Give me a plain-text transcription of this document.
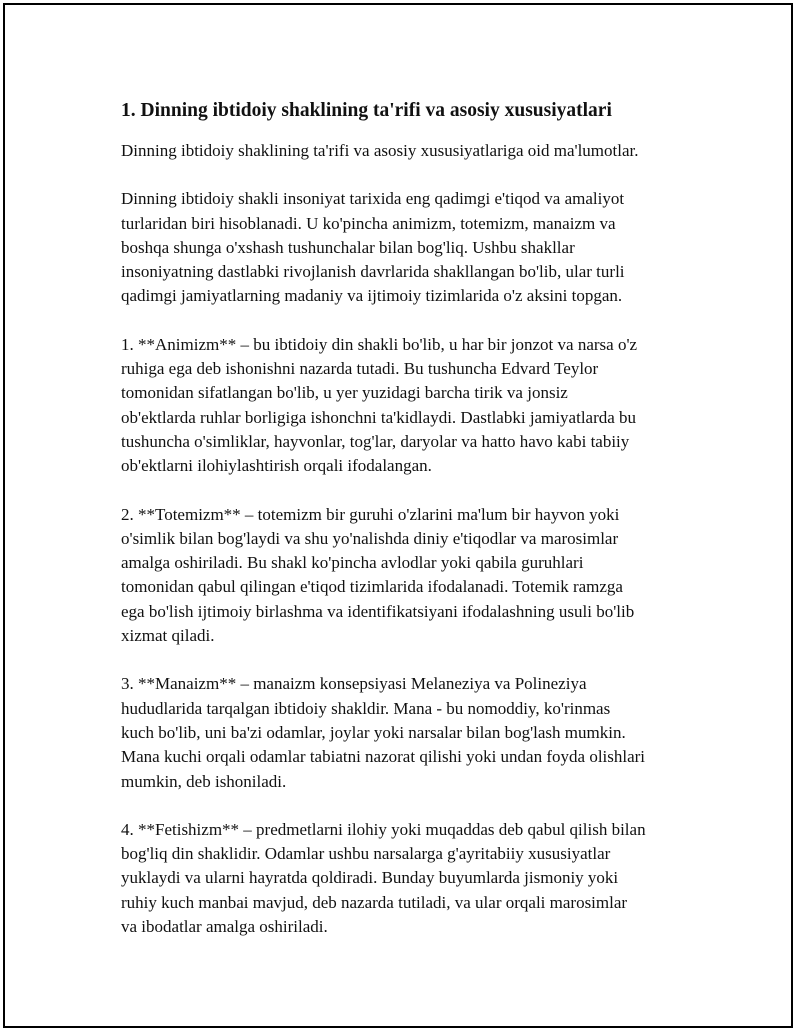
1. Dinning ibtidoiy shaklining ta'rifi va asosiy xususiyatlari

Dinning ibtidoiy shaklining ta'rifi va asosiy xususiyatlariga oid ma'lumotlar.

Dinning ibtidoiy shakli insoniyat tarixida eng qadimgi e'tiqod va amaliyot
turlaridan biri hisoblanadi. U ko'pincha animizm, totemizm, manaizm va
boshqa shunga o'xshash tushunchalar bilan bog'liq. Ushbu shakllar
insoniyatning dastlabki rivojlanish davrlarida shakllangan bo'lib, ular turli
qadimgi jamiyatlarning madaniy va ijtimoiy tizimlarida o'z aksini topgan.

1. **Animizm** – bu ibtidoiy din shakli bo'lib, u har bir jonzot va narsa o'z
ruhiga ega deb ishonishni nazarda tutadi. Bu tushuncha Edvard Teylor
tomonidan sifatlangan bo'lib, u yer yuzidagi barcha tirik va jonsiz
ob'ektlarda ruhlar borligiga ishonchni ta'kidlaydi. Dastlabki jamiyatlarda bu
tushuncha o'simliklar, hayvonlar, tog'lar, daryolar va hatto havo kabi tabiiy
ob'ektlarni ilohiylashtirish orqali ifodalangan.

2. **Totemizm** – totemizm bir guruhi o'zlarini ma'lum bir hayvon yoki
o'simlik bilan bog'laydi va shu yo'nalishda diniy e'tiqodlar va marosimlar
amalga oshiriladi. Bu shakl ko'pincha avlodlar yoki qabila guruhlari
tomonidan qabul qilingan e'tiqod tizimlarida ifodalanadi. Totemik ramzga
ega bo'lish ijtimoiy birlashma va identifikatsiyani ifodalashning usuli bo'lib
xizmat qiladi.

3. **Manaizm** – manaizm konsepsiyasi Melaneziya va Polineziya
hududlarida tarqalgan ibtidoiy shakldir. Mana - bu nomoddiy, ko'rinmas
kuch bo'lib, uni ba'zi odamlar, joylar yoki narsalar bilan bog'lash mumkin.
Mana kuchi orqali odamlar tabiatni nazorat qilishi yoki undan foyda olishlari
mumkin, deb ishoniladi.

4. **Fetishizm** – predmetlarni ilohiy yoki muqaddas deb qabul qilish bilan
bog'liq din shaklidir. Odamlar ushbu narsalarga g'ayritabiiy xususiyatlar
yuklaydi va ularni hayratda qoldiradi. Bunday buyumlarda jismoniy yoki
ruhiy kuch manbai mavjud, deb nazarda tutiladi, va ular orqali marosimlar
va ibodatlar amalga oshiriladi.
